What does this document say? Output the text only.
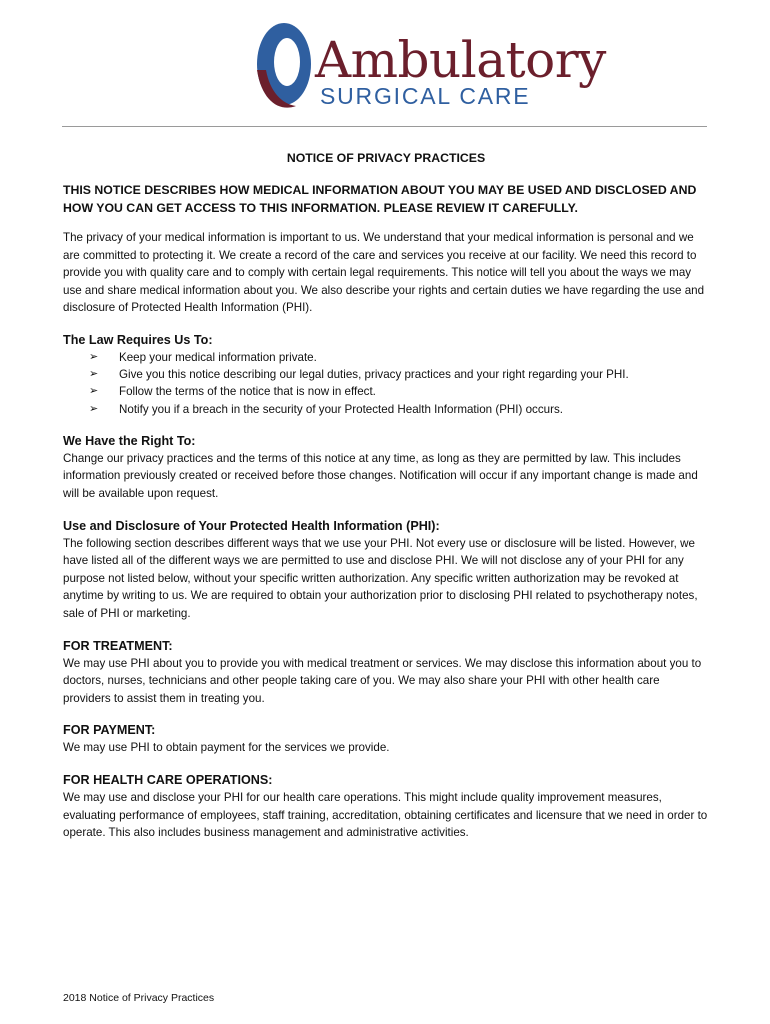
Ambulatory
SURGICAL CARE
NOTICE OF PRIVACY PRACTICES
THIS NOTICE DESCRIBES HOW MEDICAL INFORMATION ABOUT YOU MAY BE USED AND DISCLOSED AND HOW YOU CAN GET ACCESS TO THIS INFORMATION. PLEASE REVIEW IT CAREFULLY.

The privacy of your medical information is important to us. We understand that your medical information is personal and we are committed to protecting it. We create a record of the care and services you receive at our facility. We need this record to provide you with quality care and to comply with certain legal requirements. This notice will tell you about the ways we may use and share medical information about you. We also describe your rights and certain duties we have regarding the use and disclosure of Protected Health Information (PHI).

The Law Requires Us To:
➢ Keep your medical information private.
➢ Give you this notice describing our legal duties, privacy practices and your right regarding your PHI.
➢ Follow the terms of the notice that is now in effect.
➢ Notify you if a breach in the security of your Protected Health Information (PHI) occurs.
We Have the Right To:

Change our privacy practices and the terms of this notice at any time, as long as they are permitted by law. This includes information previously created or received before those changes. Notification will occur if any important change is made and will be available upon request.

Use and Disclosure of Your Protected Health Information (PHI):

The following section describes different ways that we use your PHI. Not every use or disclosure will be listed. However, we have listed all of the different ways we are permitted to use and disclose PHI. We will not disclose any of your PHI for any purpose not listed below, without your specific written authorization. Any specific written authorization may be revoked at anytime by writing to us. We are required to obtain your authorization prior to disclosing PHI related to psychotherapy notes, sale of PHI or marketing.

FOR TREATMENT:

We may use PHI about you to provide you with medical treatment or services. We may disclose this information about you to doctors, nurses, technicians and other people taking care of you. We may also share your PHI with other health care providers to assist them in treating you.

FOR PAYMENT:

We may use PHI to obtain payment for the services we provide.

FOR HEALTH CARE OPERATIONS:

We may use and disclose your PHI for our health care operations. This might include quality improvement measures, evaluating performance of employees, staff training, accreditation, obtaining certificates and licensure that we need in order to operate. This also includes business management and administrative activities.

2018 Notice of Privacy Practices
